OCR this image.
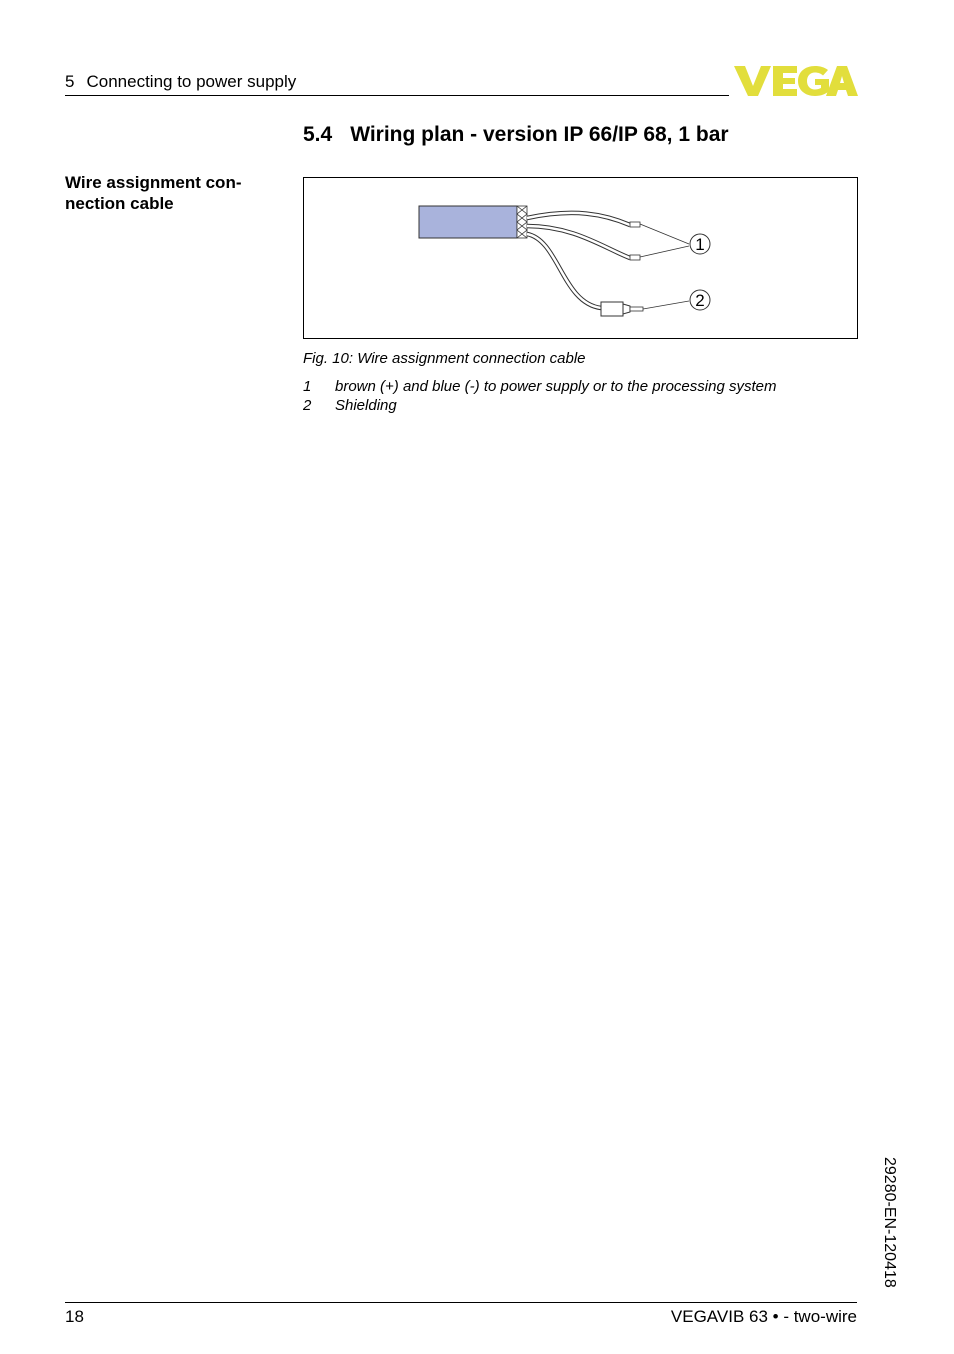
5 Connecting to power supply
5.4 Wiring plan - version IP 66/IP 68, 1 bar
Wire assignment con-
nection cable
1
2
Fig. 10: Wire assignment connection cable
1 brown (+) and blue (-) to power supply or to the processing system
2 Shielding
29280-EN-120418
18	VEGAVIB 63 • - two-wire
